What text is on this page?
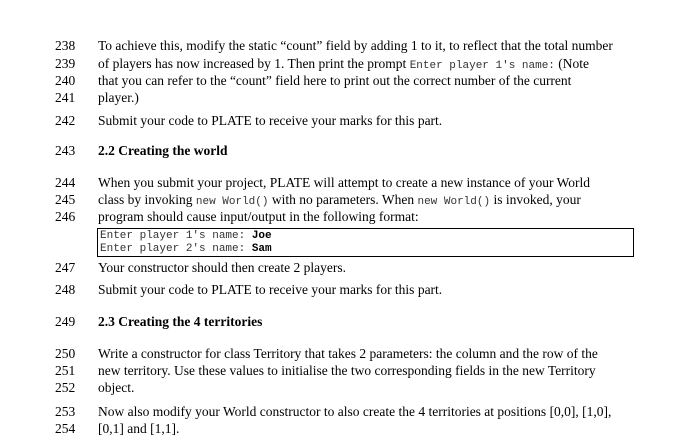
238	To achieve this, modify the static “count” field by adding 1 to it, to reflect that the total number
239	of players has now increased by 1. Then print the prompt Enter player 1's name: (Note
240	that you can refer to the “count” field here to print out the correct number of the current
241	player.)
242	Submit your code to PLATE to receive your marks for this part.
243	2.2 Creating the world
244	When you submit your project, PLATE will attempt to create a new instance of your World
245	class by invoking new World() with no parameters. When new World() is invoked, your
246	program should cause input/output in the following format:
247	Your constructor should then create 2 players.
248	Submit your code to PLATE to receive your marks for this part.
249	2.3 Creating the 4 territories
250	Write a constructor for class Territory that takes 2 parameters: the column and the row of the
251	new territory. Use these values to initialise the two corresponding fields in the new Territory
252	object.
253	Now also modify your World constructor to also create the 4 territories at positions [0,0], [1,0],
254	[0,1] and [1,1].
Enter player 1's name: Joe
Enter player 2's name: Sam
